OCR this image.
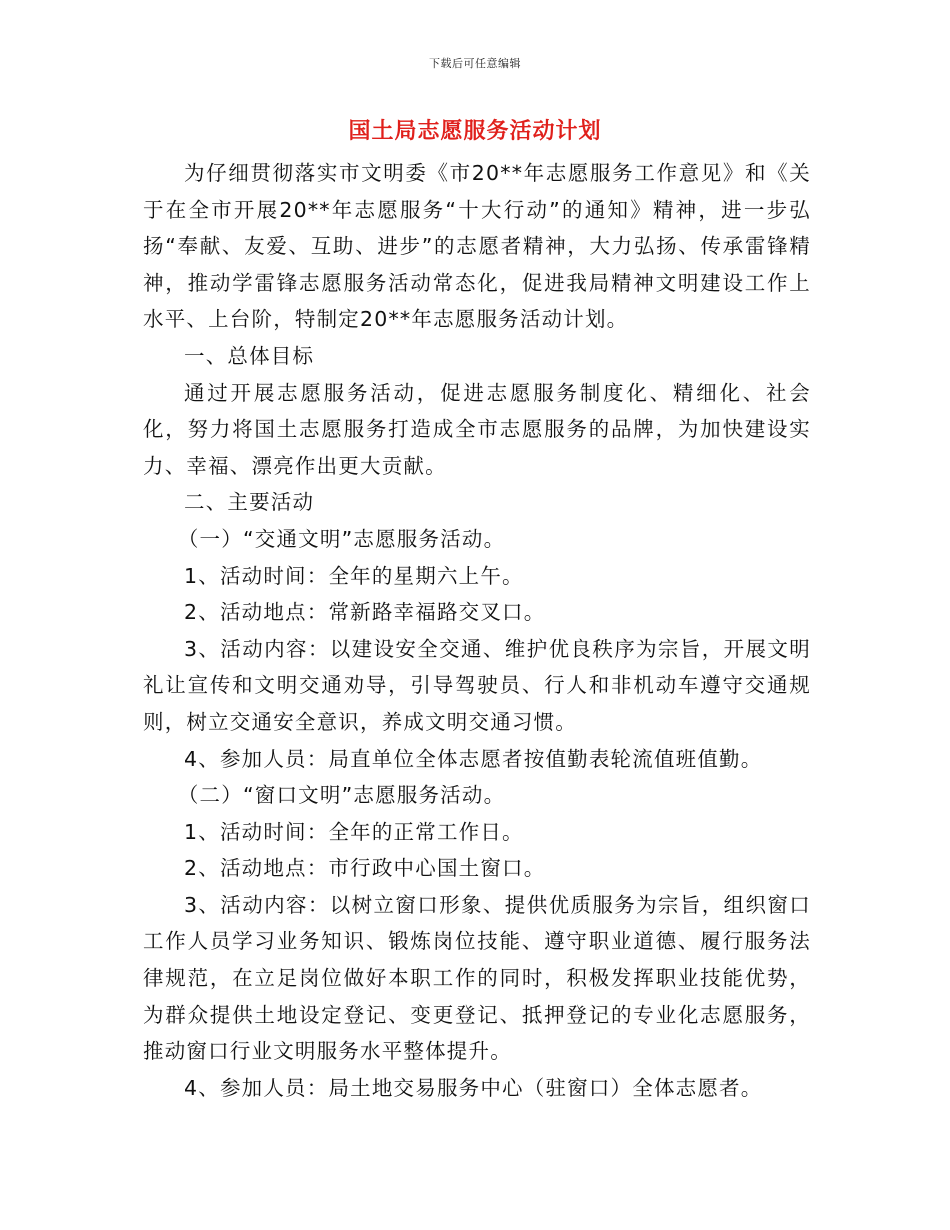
下载后可任意编辑
国土局志愿服务活动计划

为仔细贯彻落实市文明委《市20**年志愿服务工作意见》和《关于在全市开展20**年志愿服务“十大行动”的通知》精神，进一步弘扬“奉献、友爱、互助、进步”的志愿者精神，大力弘扬、传承雷锋精神，推动学雷锋志愿服务活动常态化，促进我局精神文明建设工作上水平、上台阶，特制定20**年志愿服务活动计划。

一、总体目标

通过开展志愿服务活动，促进志愿服务制度化、精细化、社会化，努力将国土志愿服务打造成全市志愿服务的品牌，为加快建设实力、幸福、漂亮作出更大贡献。

二、主要活动

（一）“交通文明”志愿服务活动。

1、活动时间：全年的星期六上午。

2、活动地点：常新路幸福路交叉口。

3、活动内容：以建设安全交通、维护优良秩序为宗旨，开展文明礼让宣传和文明交通劝导，引导驾驶员、行人和非机动车遵守交通规则，树立交通安全意识，养成文明交通习惯。

4、参加人员：局直单位全体志愿者按值勤表轮流值班值勤。

（二）“窗口文明”志愿服务活动。

1、活动时间：全年的正常工作日。

2、活动地点：市行政中心国土窗口。

3、活动内容：以树立窗口形象、提供优质服务为宗旨，组织窗口工作人员学习业务知识、锻炼岗位技能、遵守职业道德、履行服务法律规范，在立足岗位做好本职工作的同时，积极发挥职业技能优势，为群众提供土地设定登记、变更登记、抵押登记的专业化志愿服务，推动窗口行业文明服务水平整体提升。

4、参加人员：局土地交易服务中心（驻窗口）全体志愿者。
